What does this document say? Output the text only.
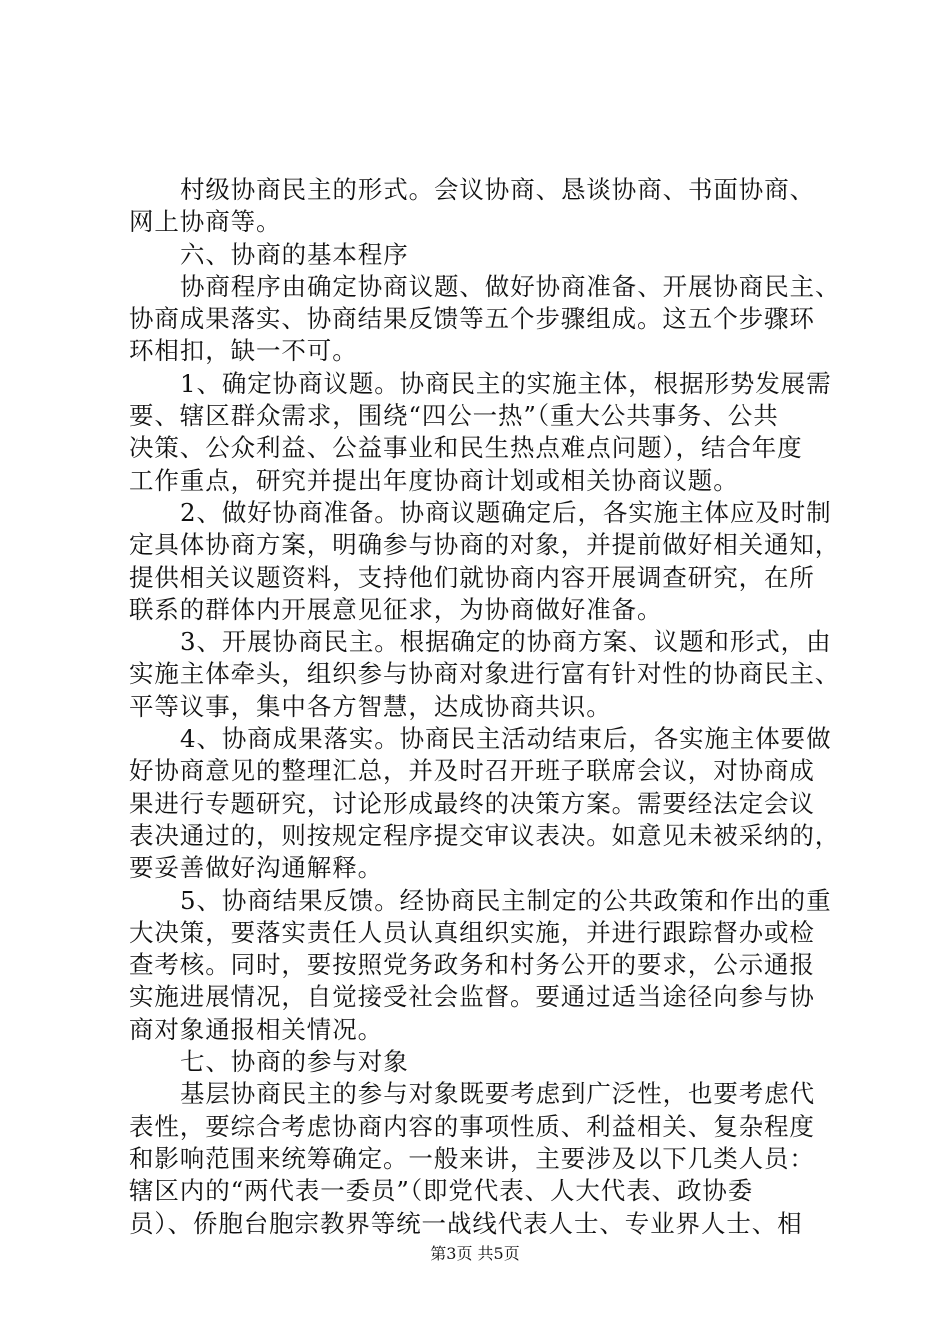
村级协商民主的形式。会议协商、恳谈协商、书面协商、
网上协商等。
六、协商的基本程序
协商程序由确定协商议题、做好协商准备、开展协商民主、
协商成果落实、协商结果反馈等五个步骤组成。这五个步骤环
环相扣，缺一不可。
1、确定协商议题。协商民主的实施主体，根据形势发展需
要、辖区群众需求，围绕“四公一热”（重大公共事务、公共
决策、公众利益、公益事业和民生热点难点问题），结合年度
工作重点，研究并提出年度协商计划或相关协商议题。
2、做好协商准备。协商议题确定后，各实施主体应及时制
定具体协商方案，明确参与协商的对象，并提前做好相关通知，
提供相关议题资料，支持他们就协商内容开展调查研究，在所
联系的群体内开展意见征求，为协商做好准备。
3、开展协商民主。根据确定的协商方案、议题和形式，由
实施主体牵头，组织参与协商对象进行富有针对性的协商民主、
平等议事，集中各方智慧，达成协商共识。
4、协商成果落实。协商民主活动结束后，各实施主体要做
好协商意见的整理汇总，并及时召开班子联席会议，对协商成
果进行专题研究，讨论形成最终的决策方案。需要经法定会议
表决通过的，则按规定程序提交审议表决。如意见未被采纳的，
要妥善做好沟通解释。
5、协商结果反馈。经协商民主制定的公共政策和作出的重
大决策，要落实责任人员认真组织实施，并进行跟踪督办或检
查考核。同时，要按照党务政务和村务公开的要求，公示通报
实施进展情况，自觉接受社会监督。要通过适当途径向参与协
商对象通报相关情况。
七、协商的参与对象
基层协商民主的参与对象既要考虑到广泛性，也要考虑代
表性，要综合考虑协商内容的事项性质、利益相关、复杂程度
和影响范围来统筹确定。一般来讲，主要涉及以下几类人员：
辖区内的“两代表一委员”（即党代表、人大代表、政协委
员）、侨胞台胞宗教界等统一战线代表人士、专业界人士、相
第3页 共5页
